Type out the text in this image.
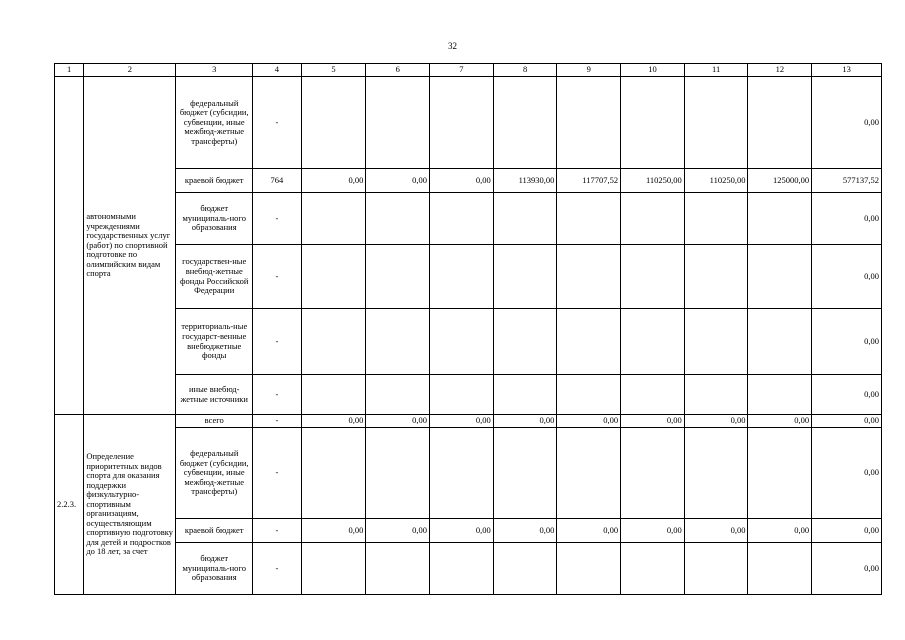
32
1	2	3	4	5	6	7	8	9	10	11	12	13
	автономными учреждениями государственных услуг (работ) по спортивной подготовке по олимпийским видам спорта	федеральный бюджет (субсидии, субвенции, иные межбюд-жетные трансферты)	-									0,00
		краевой бюджет	764	0,00	0,00	0,00	113930,00	117707,52	110250,00	110250,00	125000,00	577137,52
		бюджет муниципаль-ного образования	-									0,00
		государствен-ные внебюд-жетные фонды Российской Федерации	-									0,00
		территориаль-ные государст-венные внебюджетные фонды	-									0,00
		иные внебюд-жетные источники	-									0,00
2.2.3.	Определение приоритетных видов спорта для оказания поддержки физкультурно-спортивным организациям, осуществляющим спортивную подготовку для детей и подростков до 18 лет, за счет	всего	-	0,00	0,00	0,00	0,00	0,00	0,00	0,00	0,00	0,00
		федеральный бюджет (субсидии, субвенции, иные межбюд-жетные трансферты)	-									0,00
		краевой бюджет	-	0,00	0,00	0,00	0,00	0,00	0,00	0,00	0,00	0,00
		бюджет муниципаль-ного образования	-									0,00
